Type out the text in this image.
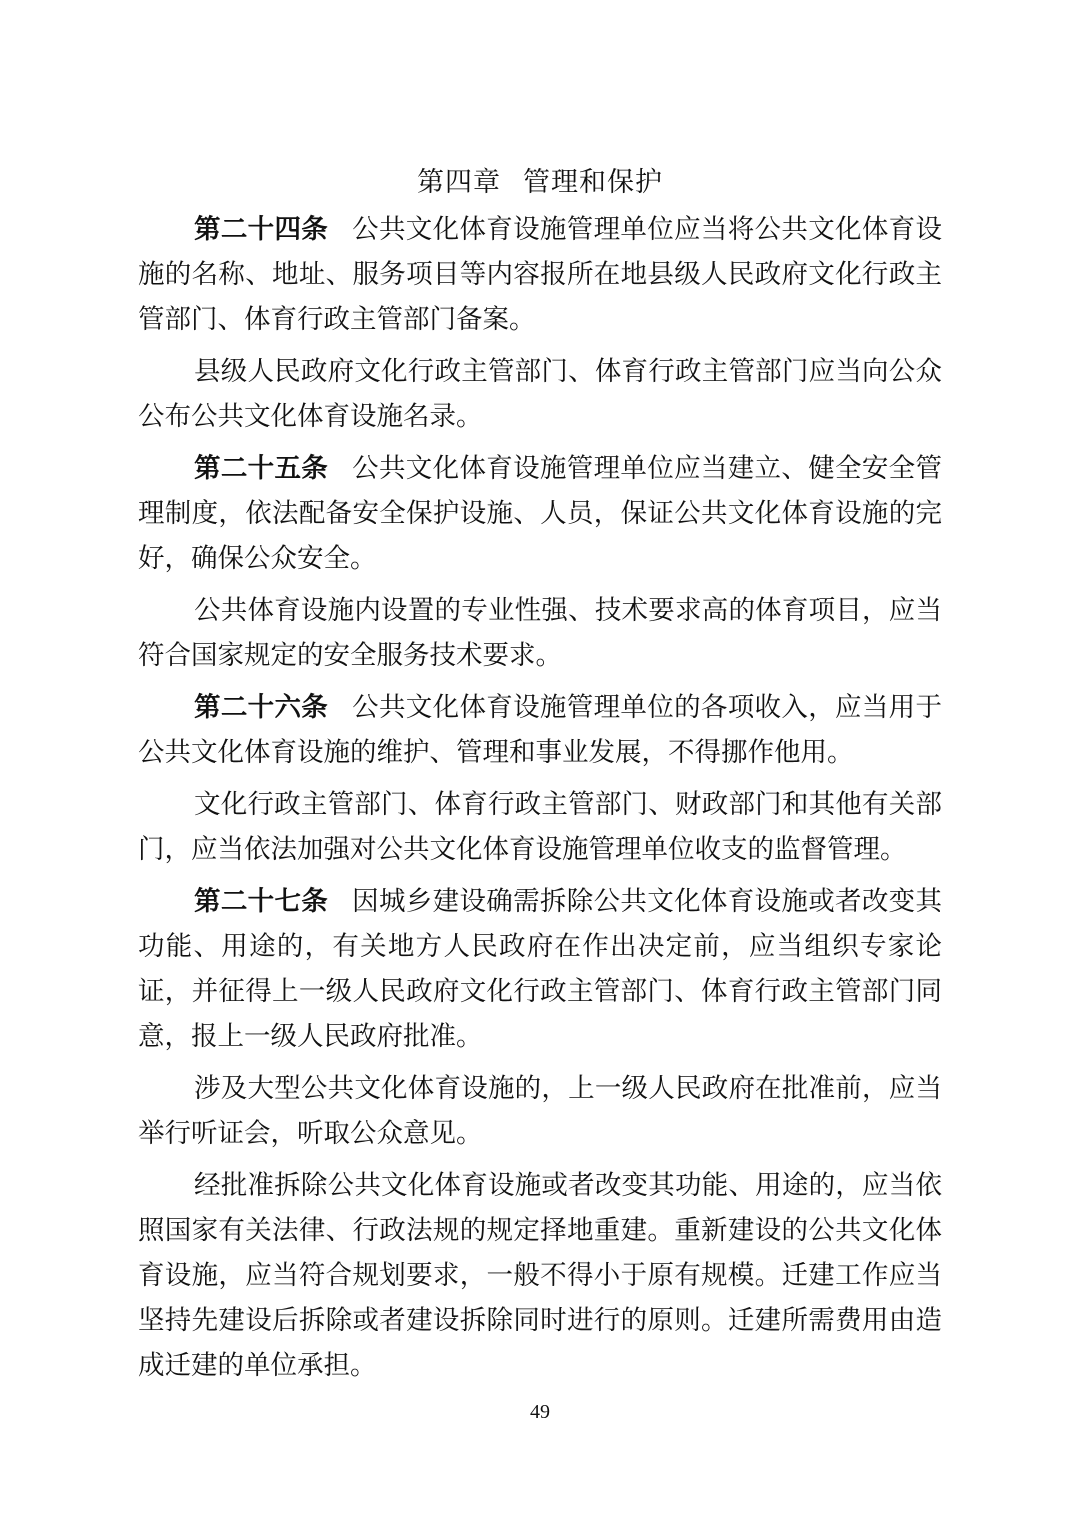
第四章 管理和保护

第二十四条 公共文化体育设施管理单位应当将公共文化体育设施的名称、地址、服务项目等内容报所在地县级人民政府文化行政主管部门、体育行政主管部门备案。

县级人民政府文化行政主管部门、体育行政主管部门应当向公众公布公共文化体育设施名录。

第二十五条 公共文化体育设施管理单位应当建立、健全安全管理制度，依法配备安全保护设施、人员，保证公共文化体育设施的完好，确保公众安全。

公共体育设施内设置的专业性强、技术要求高的体育项目，应当符合国家规定的安全服务技术要求。

第二十六条 公共文化体育设施管理单位的各项收入，应当用于公共文化体育设施的维护、管理和事业发展，不得挪作他用。

文化行政主管部门、体育行政主管部门、财政部门和其他有关部门，应当依法加强对公共文化体育设施管理单位收支的监督管理。

第二十七条 因城乡建设确需拆除公共文化体育设施或者改变其功能、用途的，有关地方人民政府在作出决定前，应当组织专家论证，并征得上一级人民政府文化行政主管部门、体育行政主管部门同意，报上一级人民政府批准。

涉及大型公共文化体育设施的，上一级人民政府在批准前，应当举行听证会，听取公众意见。

经批准拆除公共文化体育设施或者改变其功能、用途的，应当依照国家有关法律、行政法规的规定择地重建。重新建设的公共文化体育设施，应当符合规划要求，一般不得小于原有规模。迁建工作应当坚持先建设后拆除或者建设拆除同时进行的原则。迁建所需费用由造成迁建的单位承担。

49
